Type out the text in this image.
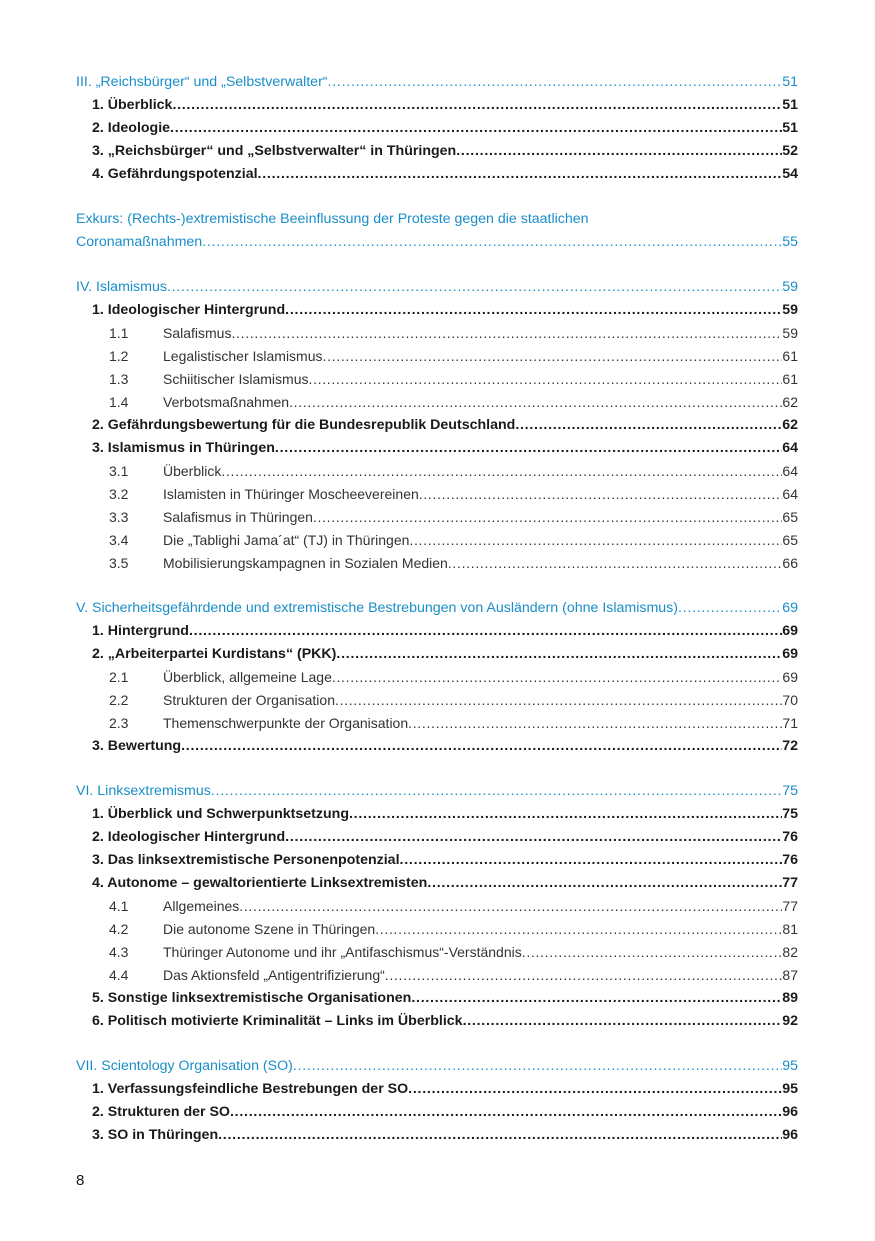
III. „Reichsbürger“ und „Selbstverwalter“ . . .	51
1. Überblick . . .	51
2. Ideologie . . .	51
3. „Reichsbürger“ und „Selbstverwalter“ in Thüringen . . .	52
4. Gefährdungspotenzial . . .	54
Exkurs: (Rechts-)extremistische Beeinflussung der Proteste gegen die staatlichen
Coronamaßnahmen . . .	55
IV. Islamismus . . .	59
1. Ideologischer Hintergrund . . .	59
1.1 Salafismus . . .	59
1.2 Legalistischer Islamismus . . .	61
1.3 Schiitischer Islamismus . . .	61
1.4 Verbotsmaßnahmen . . .	62
2. Gefährdungsbewertung für die Bundesrepublik Deutschland . . .	62
3. Islamismus in Thüringen . . .	64
3.1 Überblick . . .	64
3.2 Islamisten in Thüringer Moscheevereinen . . .	64
3.3 Salafismus in Thüringen . . .	65
3.4 Die „Tablighi Jama´at“ (TJ) in Thüringen . . .	65
3.5 Mobilisierungskampagnen in Sozialen Medien . . .	66
V. Sicherheitsgefährdende und extremistische Bestrebungen von Ausländern (ohne Islamismus) . . .	69
1. Hintergrund . . .	69
2. „Arbeiterpartei Kurdistans“ (PKK) . . .	69
2.1 Überblick, allgemeine Lage . . .	69
2.2 Strukturen der Organisation . . .	70
2.3 Themenschwerpunkte der Organisation . . .	71
3. Bewertung . . .	72
VI. Linksextremismus . . .	75
1. Überblick und Schwerpunktsetzung . . .	75
2. Ideologischer Hintergrund . . .	76
3. Das linksextremistische Personenpotenzial . . .	76
4. Autonome – gewaltorientierte Linksextremisten . . .	77
4.1 Allgemeines . . .	77
4.2 Die autonome Szene in Thüringen . . .	81
4.3 Thüringer Autonome und ihr „Antifaschismus“-Verständnis . . .	82
4.4 Das Aktionsfeld „Antigentrifizierung“ . . .	87
5. Sonstige linksextremistische Organisationen . . .	89
6. Politisch motivierte Kriminalität – Links im Überblick . . .	92
VII. Scientology Organisation (SO) . . .	95
1. Verfassungsfeindliche Bestrebungen der SO . . .	95
2. Strukturen der SO . . .	96
3. SO in Thüringen . . .	96
8
